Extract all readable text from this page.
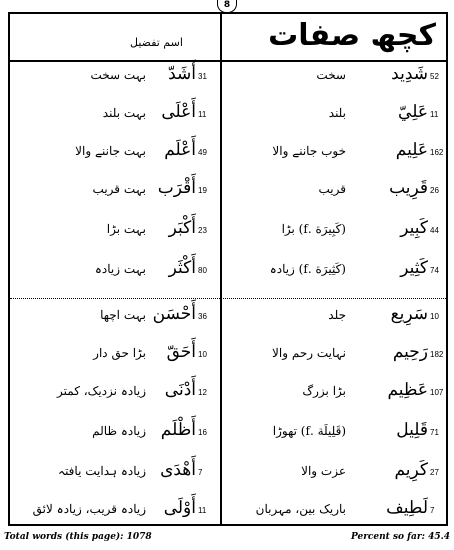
8
کچھ صفات
اسم تفضیل
بہت سخت	أَشَدّ 31
بہت بلند أَعْلَى 11
بہت جاننے والا	أَعْلَم 49
بہت قریب أَقْرَب 19
بہت بڑا	أَكْبَر 23
بہت زیادہ	أَكْثَر 80
بہت اچھا أَحْسَن 36
بڑا حق دار	أَحَقّ 10
زیادہ نزدیک، کمتر	أَدْنَى 12
زیادہ ظالم أَظْلَم 16
زیادہ ہدایت یافتہ أَهْدَى 7
زیادہ قریب، زیادہ لائق	أَوْلَى 11
سخت	شَدِید 52
بلند	عَلِيّ 11
خوب جاننے والا	عَلِيم 162
قریب	قَرِيب 26
(كَبِيرَة .f) بڑا	كَبِير 44
(كَثِيرَة .f) زیادہ	كَثِير 74
جلد	سَرِيع 10
نہایت رحم والا	رَحِيم 182
بڑا بزرگ	عَظِيم 107
(قَلِيلَة .f) تھوڑا	قَلِيل 71
عزت والا	كَرِيم 27
باریک بین، مہربان	لَطِيف 7
Total words (this page): 1078	Percent so far: 45.4
